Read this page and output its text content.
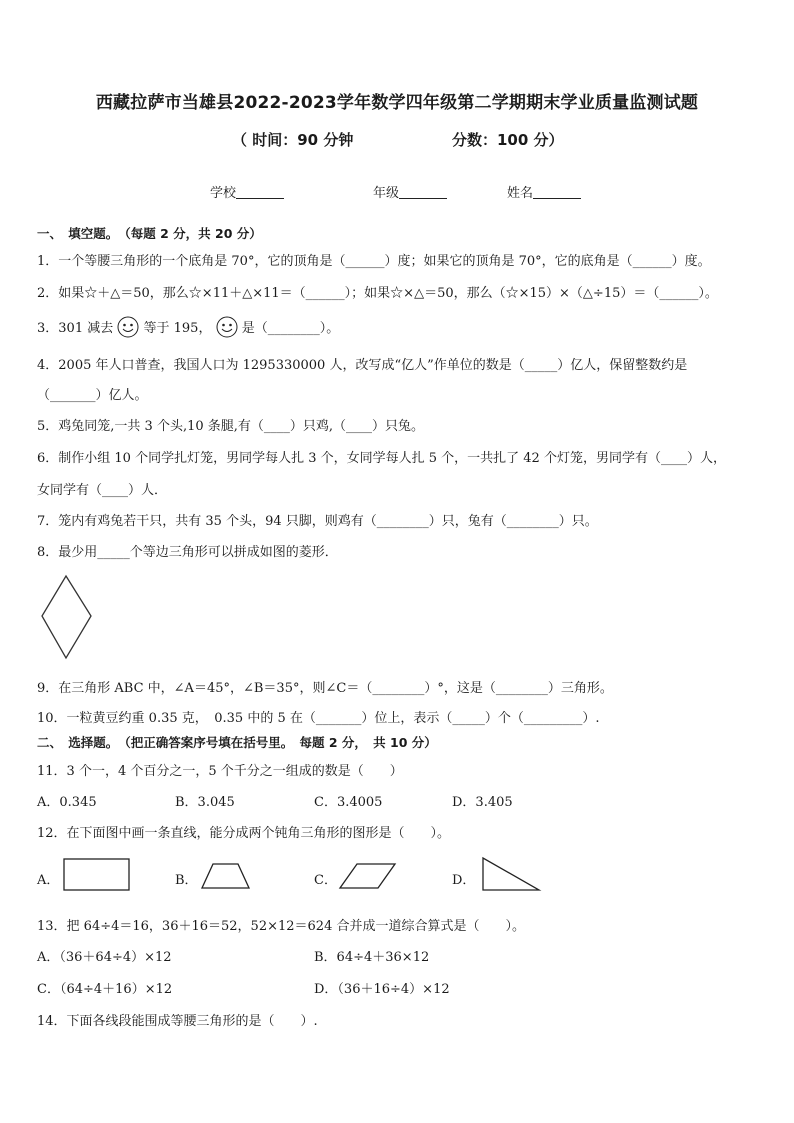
西藏拉萨市当雄县2022-2023学年数学四年级第二学期期末学业质量监测试题
（ 时间：90 分钟	分数：100 分）
学校	年级	姓名
一、　填空题。　（每题 2 分，共 20 分）
1．一个等腰三角形的一个底角是 70°，它的顶角是（______）度；如果它的顶角是 70°，它的底角是（______）度。
2．如果☆＋△＝50，那么☆×11＋△×11＝（______）；如果☆×△＝50，那么（☆×15）×（△÷15）＝（______）。
3．301 减去 等于 195， 是（________）。
4．2005 年人口普查，我国人口为 1295330000 人，改写成“亿人”作单位的数是（_____）亿人，保留整数约是
（_______）亿人。
5．鸡兔同笼,一共 3 个头,10 条腿,有（____）只鸡,（____）只兔。
6．制作小组 10 个同学扎灯笼，男同学每人扎 3 个，女同学每人扎 5 个，一共扎了 42 个灯笼，男同学有（____）人，
女同学有（____）人．
7．笼内有鸡兔若干只，共有 35 个头，94 只脚，则鸡有（________）只，兔有（________）只。
8．最少用_____个等边三角形可以拼成如图的菱形．
9．在三角形 ABC 中，∠A＝45°，∠B＝35°，则∠C＝（________）°，这是（________）三角形。
10．一粒黄豆约重 0.35 克，　0.35 中的 5 在（_______）位上，表示（_____）个（_________）.
二、　选择题。　（把正确答案序号填在括号里。　每题 2 分，　共 10 分）
11．3 个一，4 个百分之一，5 个千分之一组成的数是（　　）
A．0.345	B．3.045	C．3.4005	D．3.405
12．在下面图中画一条直线，能分成两个钝角三角形的图形是（　　）。
A．	B．	C．	D．
13．把 64÷4＝16，36＋16＝52，52×12＝624 合并成一道综合算式是（　　）。
A．（36＋64÷4）×12	B．64÷4＋36×12
C．（64÷4＋16）×12	D．（36＋16÷4）×12
14．下面各线段能围成等腰三角形的是（　　）.
